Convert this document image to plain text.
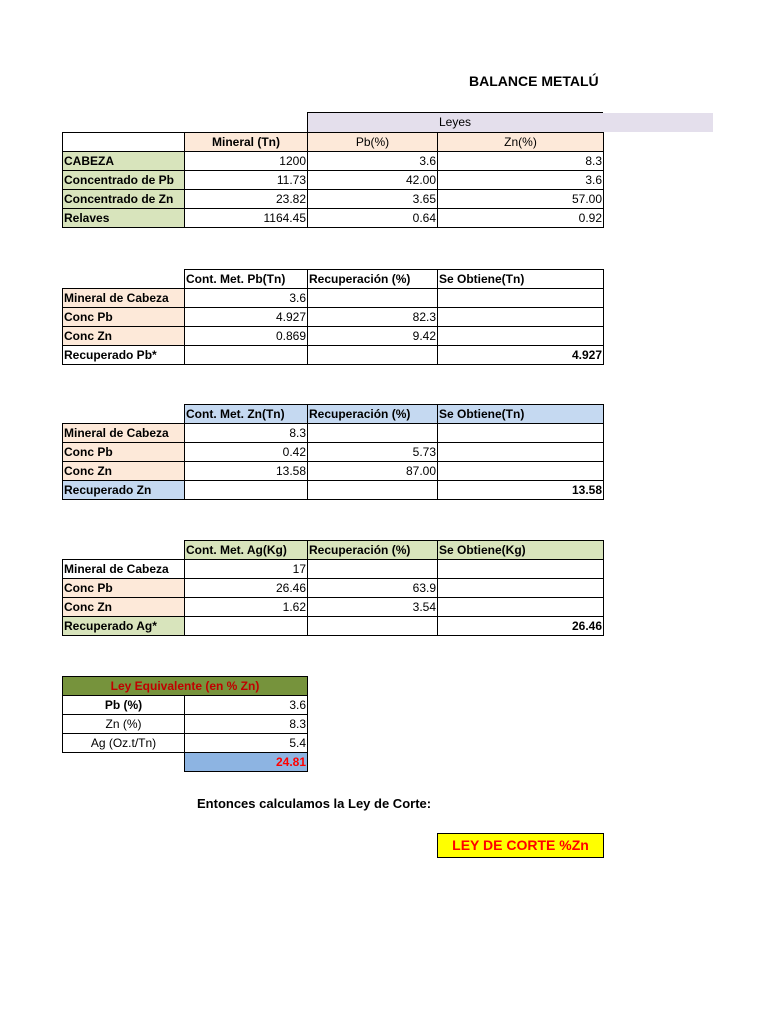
BALANCE METALÚ
Leyes
	Mineral (Tn)	Pb(%)	Zn(%)
CABEZA	1200	3.6	8.3
Concentrado de Pb	11.73	42.00	3.6
Concentrado de Zn	23.82	3.65	57.00
Relaves	1164.45	0.64	0.92
	Cont. Met. Pb(Tn)	Recuperación (%)	Se Obtiene(Tn)
Mineral de Cabeza	3.6		
Conc Pb	4.927	82.3	
Conc Zn	0.869	9.42	
Recuperado Pb*			4.927
	Cont. Met. Zn(Tn)	Recuperación (%)	Se Obtiene(Tn)
Mineral de Cabeza	8.3		
Conc Pb	0.42	5.73	
Conc Zn	13.58	87.00	
Recuperado Zn			13.58
	Cont. Met. Ag(Kg)	Recuperación (%)	Se Obtiene(Kg)
Mineral de Cabeza	17		
Conc Pb	26.46	63.9	
Conc Zn	1.62	3.54	
Recuperado Ag*			26.46
Ley Equivalente (en % Zn)	
Pb (%)	3.6
Zn (%)	8.3
Ag (Oz.t/Tn)	5.4
	24.81
Entonces calculamos la Ley de Corte:
LEY DE CORTE %Zn
